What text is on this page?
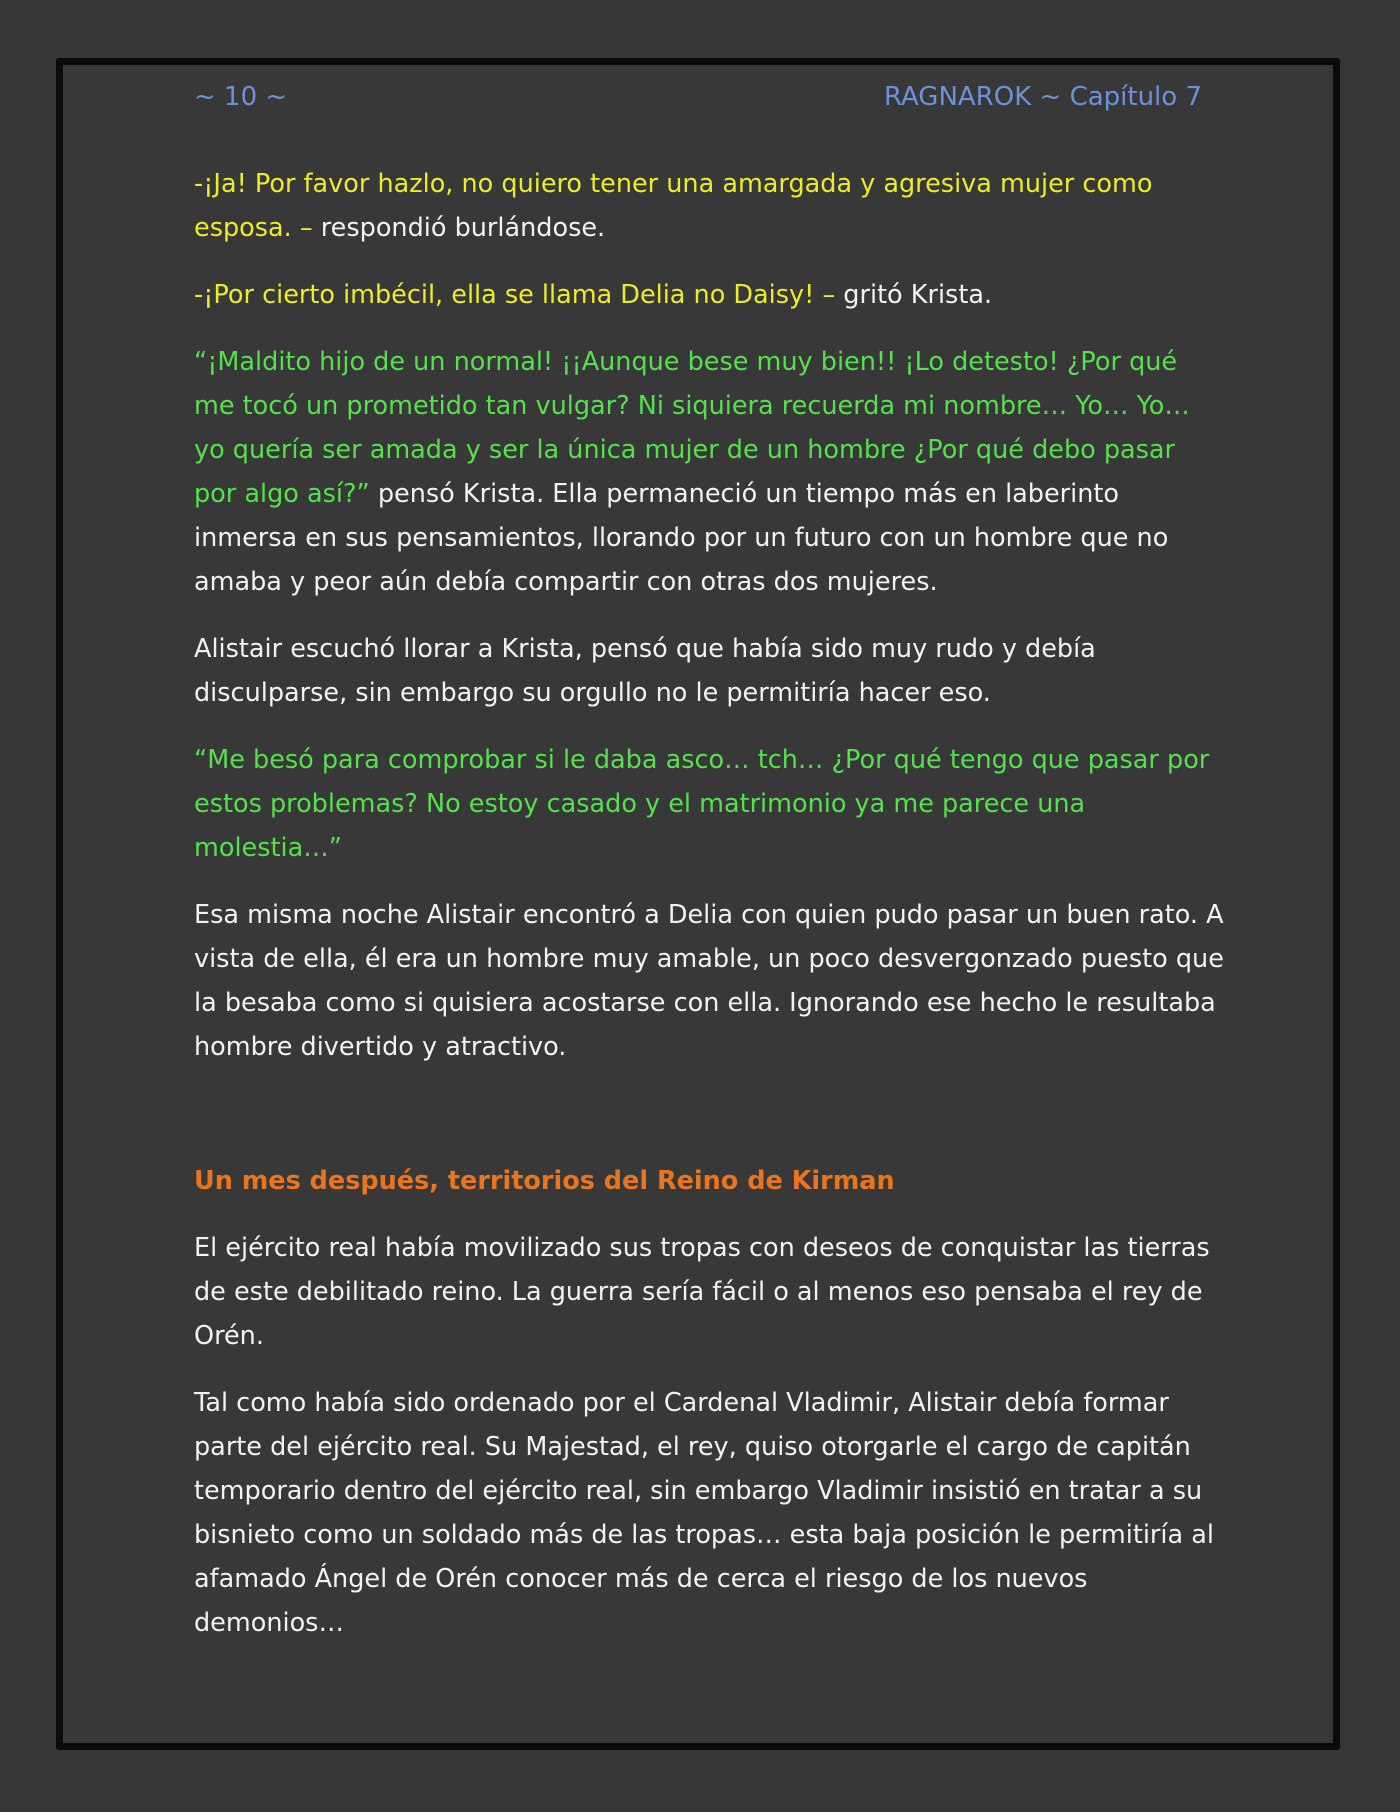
~ 10 ~	RAGNAROK ~ Capítulo 7

-¡Ja! Por favor hazlo, no quiero tener una amargada y agresiva mujer como esposa. – respondió burlándose.

-¡Por cierto imbécil, ella se llama Delia no Daisy! – gritó Krista.

“¡Maldito hijo de un normal! ¡¡Aunque bese muy bien!! ¡Lo detesto! ¿Por qué me tocó un prometido tan vulgar? Ni siquiera recuerda mi nombre… Yo… Yo… yo quería ser amada y ser la única mujer de un hombre ¿Por qué debo pasar por algo así?” pensó Krista. Ella permaneció un tiempo más en laberinto inmersa en sus pensamientos, llorando por un futuro con un hombre que no amaba y peor aún debía compartir con otras dos mujeres.

Alistair escuchó llorar a Krista, pensó que había sido muy rudo y debía disculparse, sin embargo su orgullo no le permitiría hacer eso.

“Me besó para comprobar si le daba asco… tch… ¿Por qué tengo que pasar por estos problemas? No estoy casado y el matrimonio ya me parece una molestia…”

Esa misma noche Alistair encontró a Delia con quien pudo pasar un buen rato. A vista de ella, él era un hombre muy amable, un poco desvergonzado puesto que la besaba como si quisiera acostarse con ella. Ignorando ese hecho le resultaba hombre divertido y atractivo.

Un mes después, territorios del Reino de Kirman

El ejército real había movilizado sus tropas con deseos de conquistar las tierras de este debilitado reino. La guerra sería fácil o al menos eso pensaba el rey de Orén.

Tal como había sido ordenado por el Cardenal Vladimir, Alistair debía formar parte del ejército real. Su Majestad, el rey, quiso otorgarle el cargo de capitán temporario dentro del ejército real, sin embargo Vladimir insistió en tratar a su bisnieto como un soldado más de las tropas… esta baja posición le permitiría al afamado Ángel de Orén conocer más de cerca el riesgo de los nuevos demonios…
